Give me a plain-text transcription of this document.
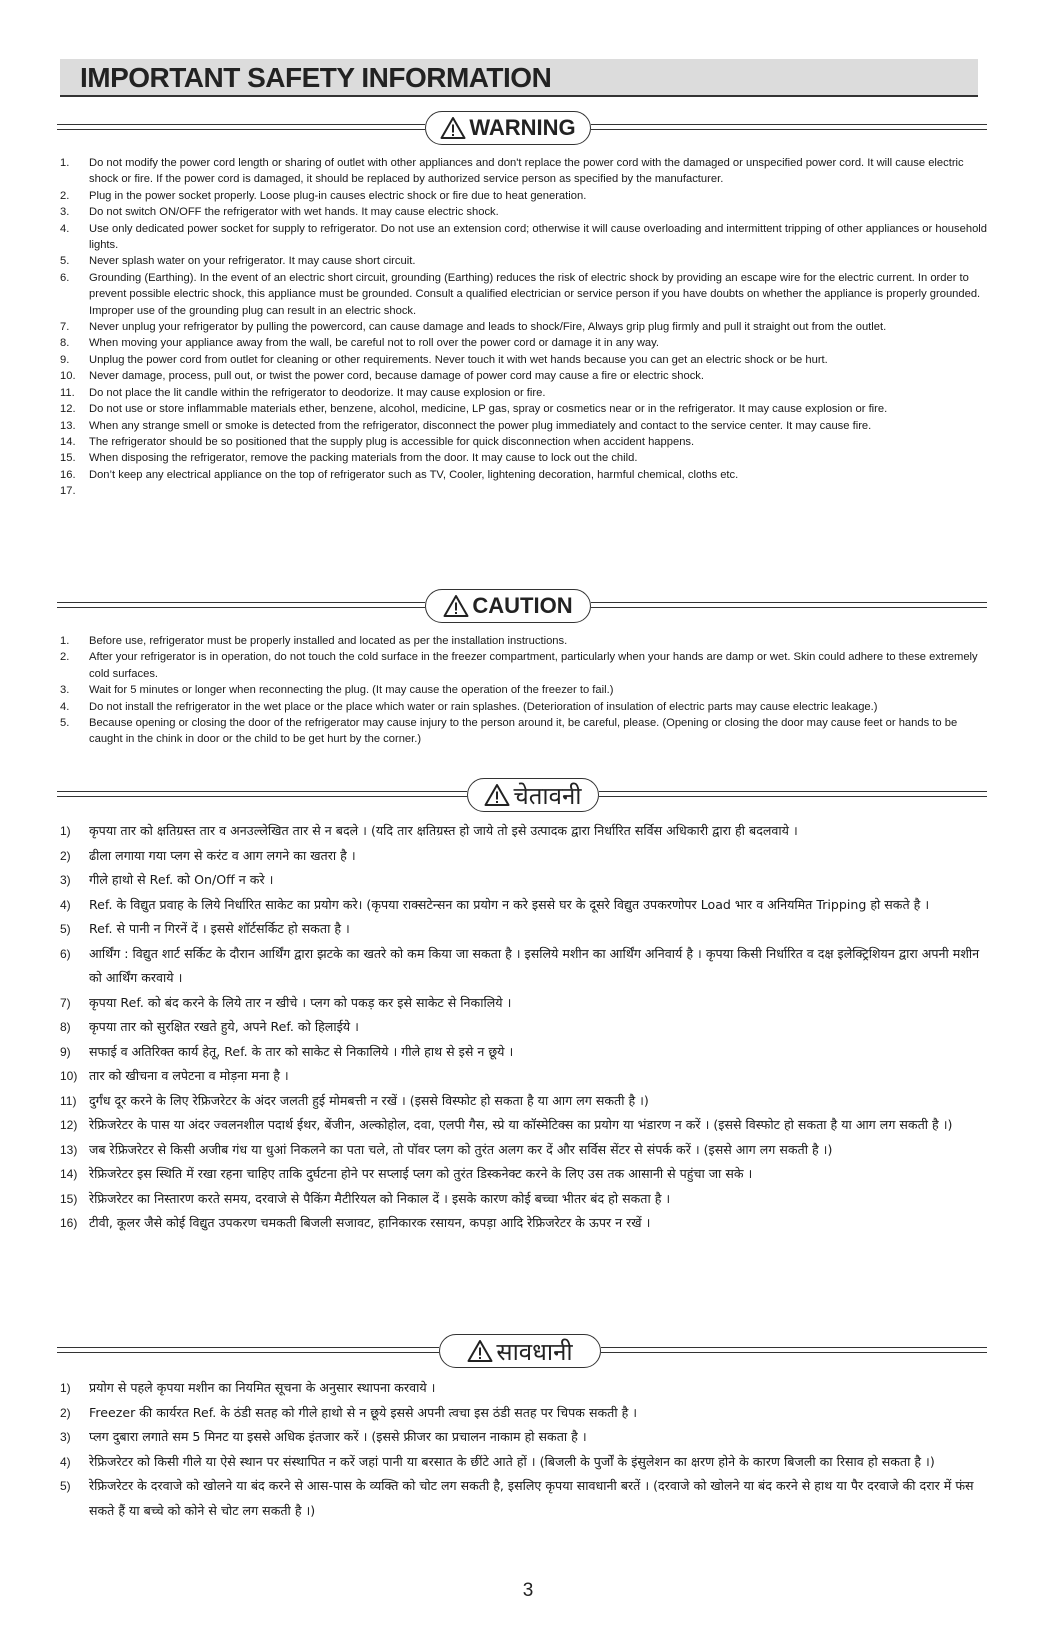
IMPORTANT SAFETY INFORMATION
WARNING
1. Do not modify the power cord length or sharing of outlet with other appliances and don't replace the power cord with the damaged or unspecified power cord. It will cause electric shock or fire. If the power cord is damaged, it should be replaced by authorized service person as specified by the manufacturer.
2. Plug in the power socket properly. Loose plug-in causes electric shock or fire due to heat generation.
3. Do not switch ON/OFF the refrigerator with wet hands. It may cause electric shock.
4. Use only dedicated power socket for supply to refrigerator. Do not use an extension cord; otherwise it will cause overloading and intermittent tripping of other appliances or household lights.
5. Never splash water on your refrigerator. It may cause short circuit.
6. Grounding (Earthing). In the event of an electric short circuit, grounding (Earthing) reduces the risk of electric shock by providing an escape wire for the electric current. In order to prevent possible electric shock, this appliance must be grounded. Consult a qualified electrician or service person if you have doubts on whether the appliance is properly grounded. Improper use of the grounding plug can result in an electric shock.
7. Never unplug your refrigerator by pulling the powercord, can cause damage and leads to shock/Fire, Always grip plug firmly and pull it straight out from the outlet.
8. When moving your appliance away from the wall, be careful not to roll over the power cord or damage it in any way.
9. Unplug the power cord from outlet for cleaning or other requirements. Never touch it with wet hands because you can get an electric shock or be hurt.
10. Never damage, process, pull out, or twist the power cord, because damage of power cord may cause a fire or electric shock.
11. Do not place the lit candle within the refrigerator to deodorize. It may cause explosion or fire.
12. Do not use or store inflammable materials ether, benzene, alcohol, medicine, LP gas, spray or cosmetics near or in the refrigerator. It may cause explosion or fire.
13. When any strange smell or smoke is detected from the refrigerator, disconnect the power plug immediately and contact to the service center. It may cause fire.
14. The refrigerator should be so positioned that the supply plug is accessible for quick disconnection when accident happens.
15. When disposing the refrigerator, remove the packing materials from the door. It may cause to lock out the child.
16. Don’t keep any electrical appliance on the top of refrigerator such as TV, Cooler, lightening decoration, harmful chemical, cloths etc.
17.

CAUTION
1. Before use, refrigerator must be properly installed and located as per the installation instructions.
2. After your refrigerator is in operation, do not touch the cold surface in the freezer compartment, particularly when your hands are damp or wet. Skin could adhere to these extremely cold surfaces.
3. Wait for 5 minutes or longer when reconnecting the plug. (It may cause the operation of the freezer to fail.)
4. Do not install the refrigerator in the wet place or the place which water or rain splashes. (Deterioration of insulation of electric parts may cause electric leakage.)
5. Because opening or closing the door of the refrigerator may cause injury to the person around it, be careful, please. (Opening or closing the door may cause feet or hands to be caught in the chink in door or the child to be get hurt by the corner.)
चेतावनी
1) कृपया तार को क्षतिग्रस्त तार व अनउल्लेखित तार से न बदले । (यदि तार क्षतिग्रस्त हो जाये तो इसे उत्पादक द्वारा निर्धारित सर्विस अधिकारी द्वारा ही बदलवाये ।
2) ढीला लगाया गया प्लग से करंट व आग लगने का खतरा है ।
3) गीले हाथो से Ref. को On/Off न करे ।
4) Ref. के विद्युत प्रवाह के लिये निर्धारित साकेट का प्रयोग करे। (कृपया राक्सटेन्सन का प्रयोग न करे इससे घर के दूसरे विद्युत उपकरणोपर Load भार व अनियमित Tripping हो सकते है ।
5) Ref. से पानी न गिरनें दें । इससे शॉर्टसर्किट हो सकता है ।
6) आर्थिंग : विद्युत शार्ट सर्किट के दौरान आर्थिंग द्वारा झटके का खतरे को कम किया जा सकता है । इसलिये मशीन का आर्थिंग अनिवार्य है । कृपया किसी निर्धारित व दक्ष इलेक्ट्रिशियन द्वारा अपनी मशीन को आर्थिंग करवाये ।
7) कृपया Ref. को बंद करने के लिये तार न खीचे । प्लग को पकड़ कर इसे साकेट से निकालिये ।
8) कृपया तार को सुरक्षित रखते हुये, अपने Ref. को हिलाईये ।
9) सफाई व अतिरिक्त कार्य हेतू, Ref. के तार को साकेट से निकालिये । गीले हाथ से इसे न छूये ।
10) तार को खीचना व लपेटना व मोड़ना मना है ।
11) दुर्गंध दूर करने के लिए रेफ्रिजरेटर के अंदर जलती हुई मोमबत्ती न रखें । (इससे विस्फोट हो सकता है या आग लग सकती है ।)
12) रेफ्रिजरेटर के पास या अंदर ज्वलनशील पदार्थ ईथर, बेंजीन, अल्कोहोल, दवा, एलपी गैस, स्प्रे या कॉस्मेटिक्स का प्रयोग या भंडारण न करें । (इससे विस्फोट हो सकता है या आग लग सकती है ।)
13) जब रेफ्रिजरेटर से किसी अजीब गंध या धुआं निकलने का पता चले, तो पॉवर प्लग को तुरंत अलग कर दें और सर्विस सेंटर से संपर्क करें । (इससे आग लग सकती है ।)
14) रेफ्रिजरेटर इस स्थिति में रखा रहना चाहिए ताकि दुर्घटना होने पर सप्लाई प्लग को तुरंत डिस्कनेक्ट करने के लिए उस तक आसानी से पहुंचा जा सके ।
15) रेफ्रिजरेटर का निस्तारण करते समय, दरवाजे से पैकिंग मैटीरियल को निकाल दें । इसके कारण कोई बच्चा भीतर बंद हो सकता है ।
16) टीवी, कूलर जैसे कोई विद्युत उपकरण चमकती बिजली सजावट, हानिकारक रसायन, कपड़ा आदि रेफ्रिजरेटर के ऊपर न रखें ।
सावधानी
1) प्रयोग से पहले कृपया मशीन का नियमित सूचना के अनुसार स्थापना करवाये ।
2) Freezer की कार्यरत Ref. के ठंडी सतह को गीले हाथो से न छूये इससे अपनी त्वचा इस ठंडी सतह पर चिपक सकती है ।
3) प्लग दुबारा लगाते सम 5 मिनट या इससे अधिक इंतजार करें । (इससे फ्रीजर का प्रचालन नाकाम हो सकता है ।
4) रेफ्रिजरेटर को किसी गीले या ऐसे स्थान पर संस्थापित न करें जहां पानी या बरसात के छींटे आते हों । (बिजली के पुर्जों के इंसुलेशन का क्षरण होने के कारण बिजली का रिसाव हो सकता है ।)
5) रेफ्रिजरेटर के दरवाजे को खोलने या बंद करने से आस-पास के व्यक्ति को चोट लग सकती है, इसलिए कृपया सावधानी बरतें । (दरवाजे को खोलने या बंद करने से हाथ या पैर दरवाजे की दरार में फंस सकते हैं या बच्चे को कोने से चोट लग सकती है ।)
3
